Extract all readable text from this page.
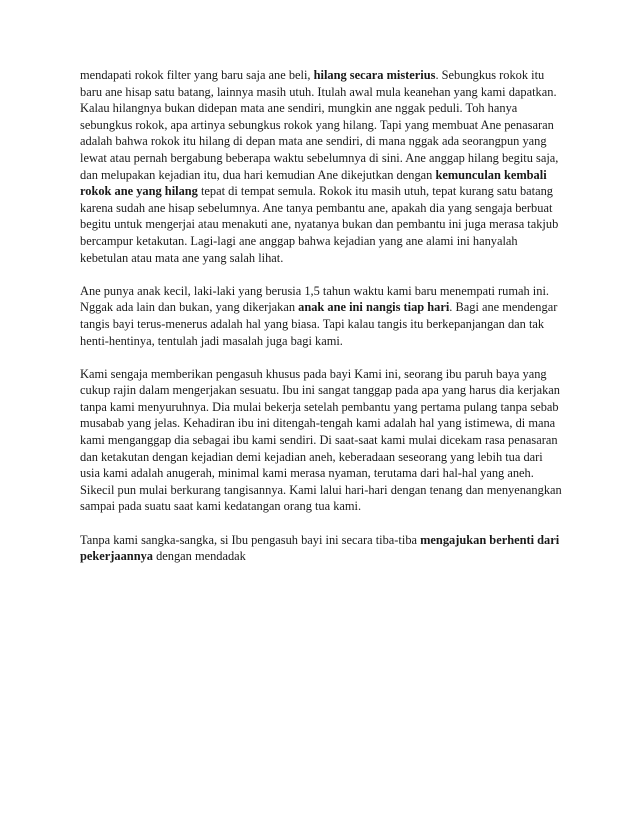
mendapati rokok filter yang baru saja ane beli, hilang secara misterius. Sebungkus rokok itu
baru ane hisap satu batang, lainnya masih utuh. Itulah awal mula keanehan yang kami dapatkan.
Kalau hilangnya bukan didepan mata ane sendiri, mungkin ane nggak peduli. Toh hanya
sebungkus rokok, apa artinya sebungkus rokok yang hilang. Tapi yang membuat Ane penasaran
adalah bahwa rokok itu hilang di depan mata ane sendiri, di mana nggak ada seorangpun yang
lewat atau pernah bergabung beberapa waktu sebelumnya di sini. Ane anggap hilang begitu saja,
dan melupakan kejadian itu, dua hari kemudian Ane dikejutkan dengan kemunculan kembali
rokok ane yang hilang tepat di tempat semula. Rokok itu masih utuh, tepat kurang satu batang
karena sudah ane hisap sebelumnya. Ane tanya pembantu ane, apakah dia yang sengaja berbuat
begitu untuk mengerjai atau menakuti ane, nyatanya bukan dan pembantu ini juga merasa takjub
bercampur ketakutan. Lagi-lagi ane anggap bahwa kejadian yang ane alami ini hanyalah
kebetulan atau mata ane yang salah lihat.

Ane punya anak kecil, laki-laki yang berusia 1,5 tahun waktu kami baru menempati rumah ini.
Nggak ada lain dan bukan, yang dikerjakan anak ane ini nangis tiap hari. Bagi ane mendengar
tangis bayi terus-menerus adalah hal yang biasa. Tapi kalau tangis itu berkepanjangan dan tak
henti-hentinya, tentulah jadi masalah juga bagi kami.

Kami sengaja memberikan pengasuh khusus pada bayi Kami ini, seorang ibu paruh baya yang
cukup rajin dalam mengerjakan sesuatu. Ibu ini sangat tanggap pada apa yang harus dia kerjakan
tanpa kami menyuruhnya. Dia mulai bekerja setelah pembantu yang pertama pulang tanpa sebab
musabab yang jelas. Kehadiran ibu ini ditengah-tengah kami adalah hal yang istimewa, di mana
kami menganggap dia sebagai ibu kami sendiri. Di saat-saat kami mulai dicekam rasa penasaran
dan ketakutan dengan kejadian demi kejadian aneh, keberadaan seseorang yang lebih tua dari
usia kami adalah anugerah, minimal kami merasa nyaman, terutama dari hal-hal yang aneh.
Sikecil pun mulai berkurang tangisannya. Kami lalui hari-hari dengan tenang dan menyenangkan
sampai pada suatu saat kami kedatangan orang tua kami.

Tanpa kami sangka-sangka, si Ibu pengasuh bayi ini secara tiba-tiba mengajukan berhenti dari
pekerjaannya dengan mendadak
